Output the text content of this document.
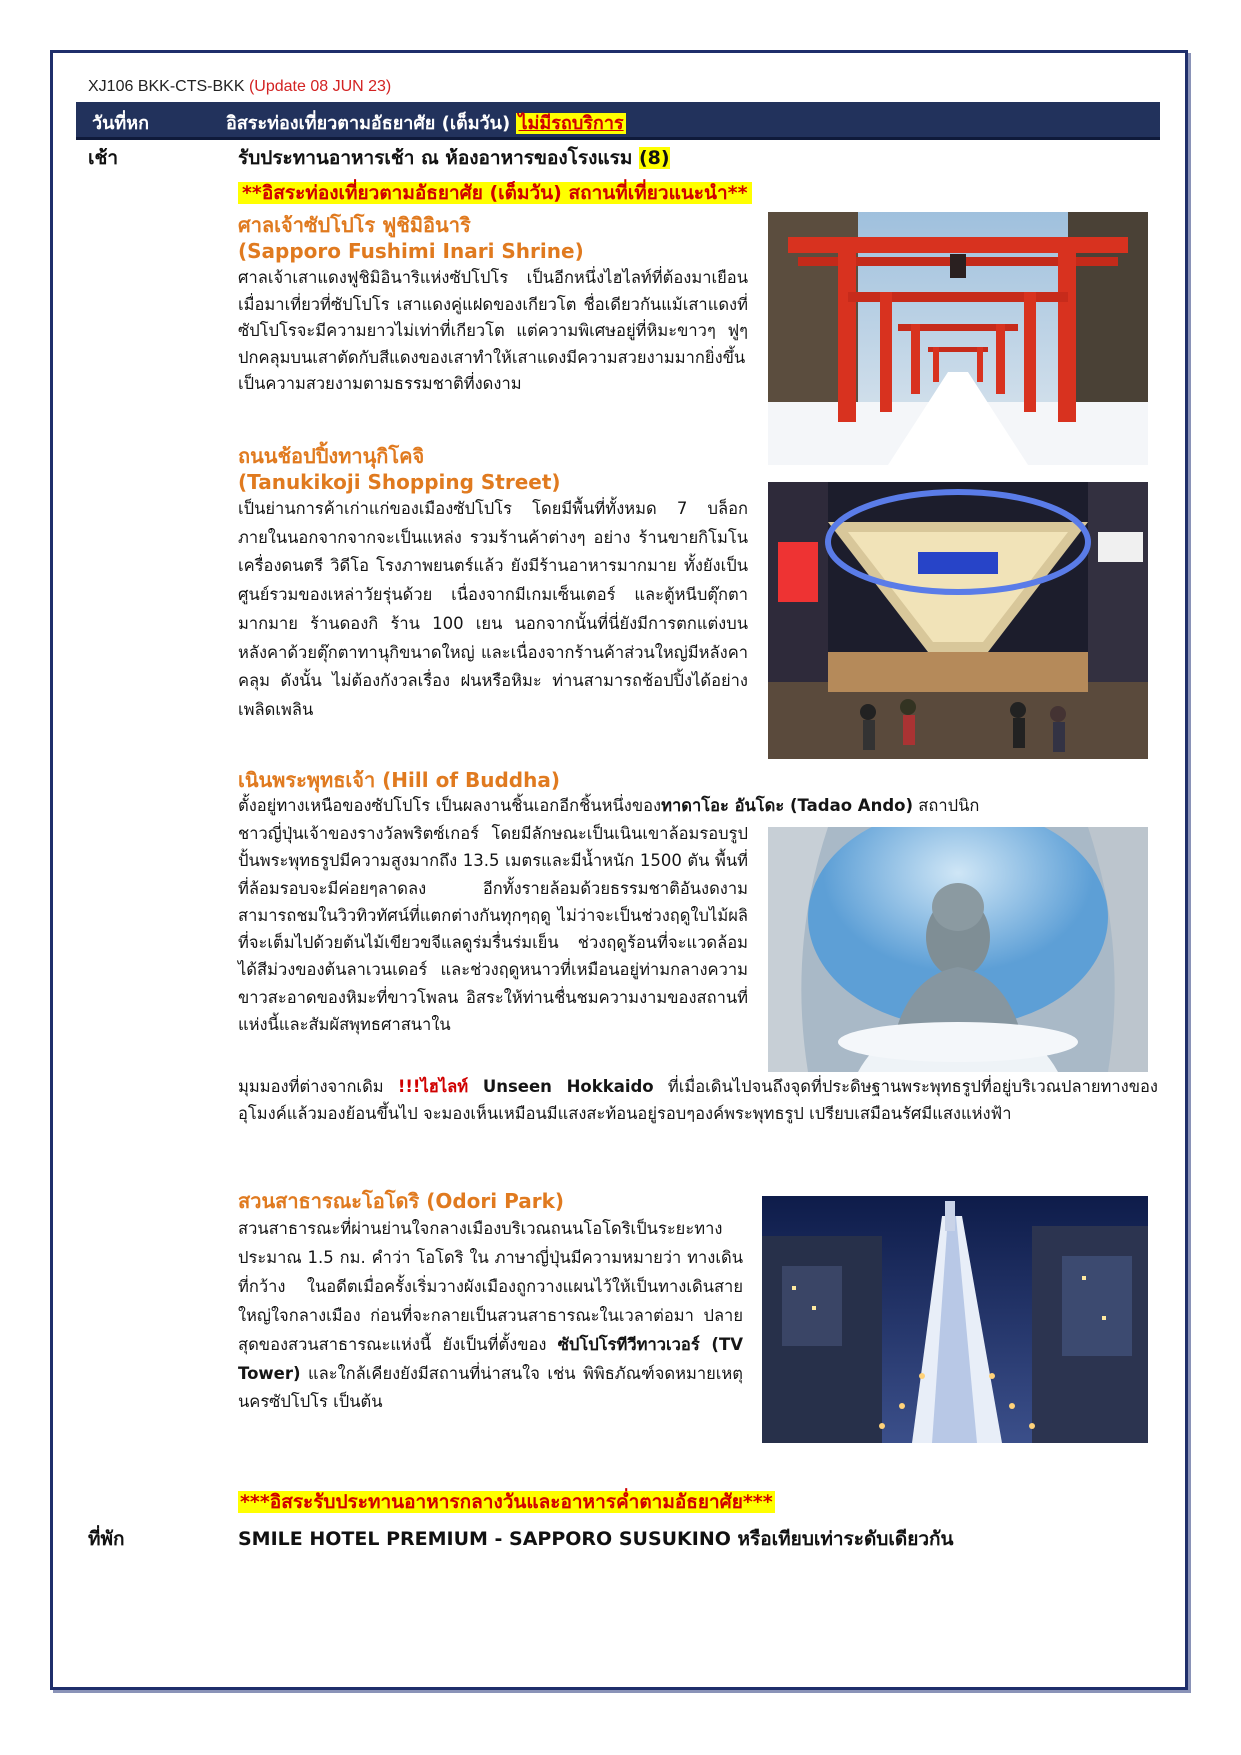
XJ106 BKK-CTS-BKK (Update 08 JUN 23)
วันที่หก	อิสระท่องเที่ยวตามอัธยาศัย (เต็มวัน) ไม่มีรถบริการ
เช้า	รับประทานอาหารเช้า ณ ห้องอาหารของโรงแรม (8)
**อิสระท่องเที่ยวตามอัธยาศัย (เต็มวัน) สถานที่เที่ยวแนะนำ**
ศาลเจ้าซัปโปโร ฟูชิมิอินาริ
(Sapporo Fushimi Inari Shrine)
ศาลเจ้าเสาแดงฟูชิมิอินาริแห่งซัปโปโร เป็นอีกหนึ่งไฮไลท์ที่ต้องมาเยือนเมื่อมาเที่ยวที่ซัปโปโร เสาแดงคู่แฝดของเกียวโต ชื่อเดียวกันแม้เสาแดงที่ซัปโปโรจะมีความยาวไม่เท่าที่เกียวโต แต่ความพิเศษอยู่ที่หิมะขาวๆ ฟูๆ ปกคลุมบนเสาตัดกับสีแดงของเสาทำให้เสาแดงมีความสวยงามมากยิ่งขึ้น เป็นความสวยงามตามธรรมชาติที่งดงาม
ถนนช้อปปิ้งทานุกิโคจิ
(Tanukikoji Shopping Street)
เป็นย่านการค้าเก่าแก่ของเมืองซัปโปโร โดยมีพื้นที่ทั้งหมด 7 บล็อก ภายในนอกจากจากจะเป็นแหล่ง รวมร้านค้าต่างๆ อย่าง ร้านขายกิโมโน เครื่องดนตรี วิดีโอ โรงภาพยนตร์แล้ว ยังมีร้านอาหารมากมาย ทั้งยังเป็นศูนย์รวมของเหล่าวัยรุ่นด้วย เนื่องจากมีเกมเซ็นเตอร์ และตู้หนีบตุ๊กตามากมาย ร้านดองกิ ร้าน 100 เยน นอกจากนั้นที่นี่ยังมีการตกแต่งบนหลังคาด้วยตุ๊กตาทานุกิขนาดใหญ่ และเนื่องจากร้านค้าส่วนใหญ่มีหลังคาคลุม ดังนั้น ไม่ต้องกังวลเรื่อง ฝนหรือหิมะ ท่านสามารถช้อปปิ้งได้อย่างเพลิดเพลิน
เนินพระพุทธเจ้า (Hill of Buddha)
ตั้งอยู่ทางเหนือของซัปโปโร เป็นผลงานชิ้นเอกอีกชิ้นหนึ่งของทาดาโอะ อันโดะ (Tadao Ando) สถาปนิก
ชาวญี่ปุ่นเจ้าของรางวัลพริตซ์เกอร์ โดยมีลักษณะเป็นเนินเขาล้อมรอบรูปปั้นพระพุทธรูปมีความสูงมากถึง 13.5 เมตรและมีน้ำหนัก 1500 ตัน พื้นที่ที่ล้อมรอบจะมีค่อยๆลาดลง อีกทั้งรายล้อมด้วยธรรมชาติอันงดงาม สามารถชมในวิวทิวทัศน์ที่แตกต่างกันทุกๆฤดู ไม่ว่าจะเป็นช่วงฤดูใบไม้ผลิที่จะเต็มไปด้วยต้นไม้เขียวขจีแลดูร่มรื่นร่มเย็น ช่วงฤดูร้อนที่จะแวดล้อมได้สีม่วงของต้นลาเวนเดอร์ และช่วงฤดูหนาวที่เหมือนอยู่ท่ามกลางความขาวสะอาดของหิมะที่ขาวโพลน อิสระให้ท่านชื่นชมความงามของสถานที่แห่งนี้และสัมผัสพุทธศาสนาใน
มุมมองที่ต่างจากเดิม !!!ไฮไลท์ Unseen Hokkaido ที่เมื่อเดินไปจนถึงจุดที่ประดิษฐานพระพุทธรูปที่อยู่บริเวณปลายทางของอุโมงค์แล้วมองย้อนขึ้นไป จะมองเห็นเหมือนมีแสงสะท้อนอยู่รอบๆองค์พระพุทธรูป เปรียบเสมือนรัศมีแสงแห่งฟ้า
สวนสาธารณะโอโดริ (Odori Park)
สวนสาธารณะที่ผ่านย่านใจกลางเมืองบริเวณถนนโอโดริเป็นระยะทางประมาณ 1.5 กม. คำว่า โอโดริ ใน ภาษาญี่ปุ่นมีความหมายว่า ทางเดินที่กว้าง ในอดีตเมื่อครั้งเริ่มวางผังเมืองถูกวางแผนไว้ให้เป็นทางเดินสายใหญ่ใจกลางเมือง ก่อนที่จะกลายเป็นสวนสาธารณะในเวลาต่อมา ปลายสุดของสวนสาธารณะแห่งนี้ ยังเป็นที่ตั้งของ ซัปโปโรทีวีทาวเวอร์ (TV Tower) และใกล้เคียงยังมีสถานที่น่าสนใจ เช่น พิพิธภัณฑ์จดหมายเหตุนครซัปโปโร เป็นต้น
***อิสระรับประทานอาหารกลางวันและอาหารค่ำตามอัธยาศัย***
ที่พัก	SMILE HOTEL PREMIUM - SAPPORO SUSUKINO หรือเทียบเท่าระดับเดียวกัน
